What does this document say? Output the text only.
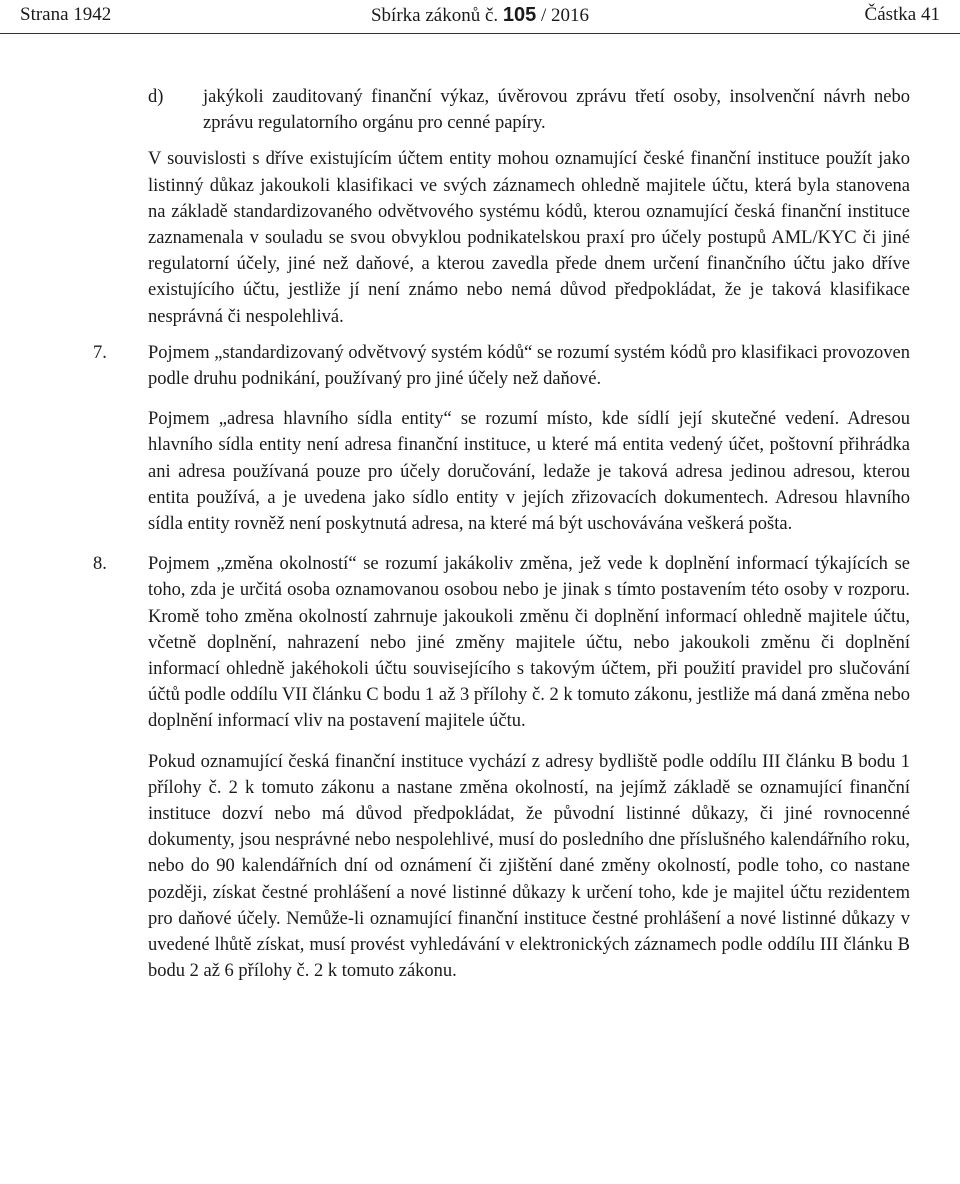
Strana 1942	Sbírka zákonů č. 105 / 2016	Částka 41

d) jakýkoli zauditovaný finanční výkaz, úvěrovou zprávu třetí osoby, insolvenční návrh nebo zprávu regulatorního orgánu pro cenné papíry.

V souvislosti s dříve existujícím účtem entity mohou oznamující české finanční instituce použít jako listinný důkaz jakoukoli klasifikaci ve svých záznamech ohledně majitele účtu, která byla stanovena na základě standardizovaného odvětvového systému kódů, kterou oznamující česká finanční instituce zaznamenala v souladu se svou obvyklou podnikatelskou praxí pro účely postupů AML/KYC či jiné regulatorní účely, jiné než daňové, a kterou zavedla přede dnem určení finančního účtu jako dříve existujícího účtu, jestliže jí není známo nebo nemá důvod předpokládat, že je taková klasifikace nesprávná či nespolehlivá.

7. Pojmem „standardizovaný odvětvový systém kódů“ se rozumí systém kódů pro klasifikaci provozoven podle druhu podnikání, používaný pro jiné účely než daňové.

Pojmem „adresa hlavního sídla entity“ se rozumí místo, kde sídlí její skutečné vedení. Adresou hlavního sídla entity není adresa finanční instituce, u které má entita vedený účet, poštovní přihrádka ani adresa používaná pouze pro účely doručování, ledaže je taková adresa jedinou adresou, kterou entita používá, a je uvedena jako sídlo entity v jejích zřizovacích dokumentech. Adresou hlavního sídla entity rovněž není poskytnutá adresa, na které má být uschovávána veškerá pošta.

8. Pojmem „změna okolností“ se rozumí jakákoliv změna, jež vede k doplnění informací týkajících se toho, zda je určitá osoba oznamovanou osobou nebo je jinak s tímto postavením této osoby v rozporu. Kromě toho změna okolností zahrnuje jakoukoli změnu či doplnění informací ohledně majitele účtu, včetně doplnění, nahrazení nebo jiné změny majitele účtu, nebo jakoukoli změnu či doplnění informací ohledně jakéhokoli účtu souvisejícího s takovým účtem, při použití pravidel pro slučování účtů podle oddílu VII článku C bodu 1 až 3 přílohy č. 2 k tomuto zákonu, jestliže má daná změna nebo doplnění informací vliv na postavení majitele účtu.

Pokud oznamující česká finanční instituce vychází z adresy bydliště podle oddílu III článku B bodu 1 přílohy č. 2 k tomuto zákonu a nastane změna okolností, na jejímž základě se oznamující finanční instituce dozví nebo má důvod předpokládat, že původní listinné důkazy, či jiné rovnocenné dokumenty, jsou nesprávné nebo nespolehlivé, musí do posledního dne příslušného kalendářního roku, nebo do 90 kalendářních dní od oznámení či zjištění dané změny okolností, podle toho, co nastane později, získat čestné prohlášení a nové listinné důkazy k určení toho, kde je majitel účtu rezidentem pro daňové účely. Nemůže-li oznamující finanční instituce čestné prohlášení a nové listinné důkazy v uvedené lhůtě získat, musí provést vyhledávání v elektronických záznamech podle oddílu III článku B bodu 2 až 6 přílohy č. 2 k tomuto zákonu.
